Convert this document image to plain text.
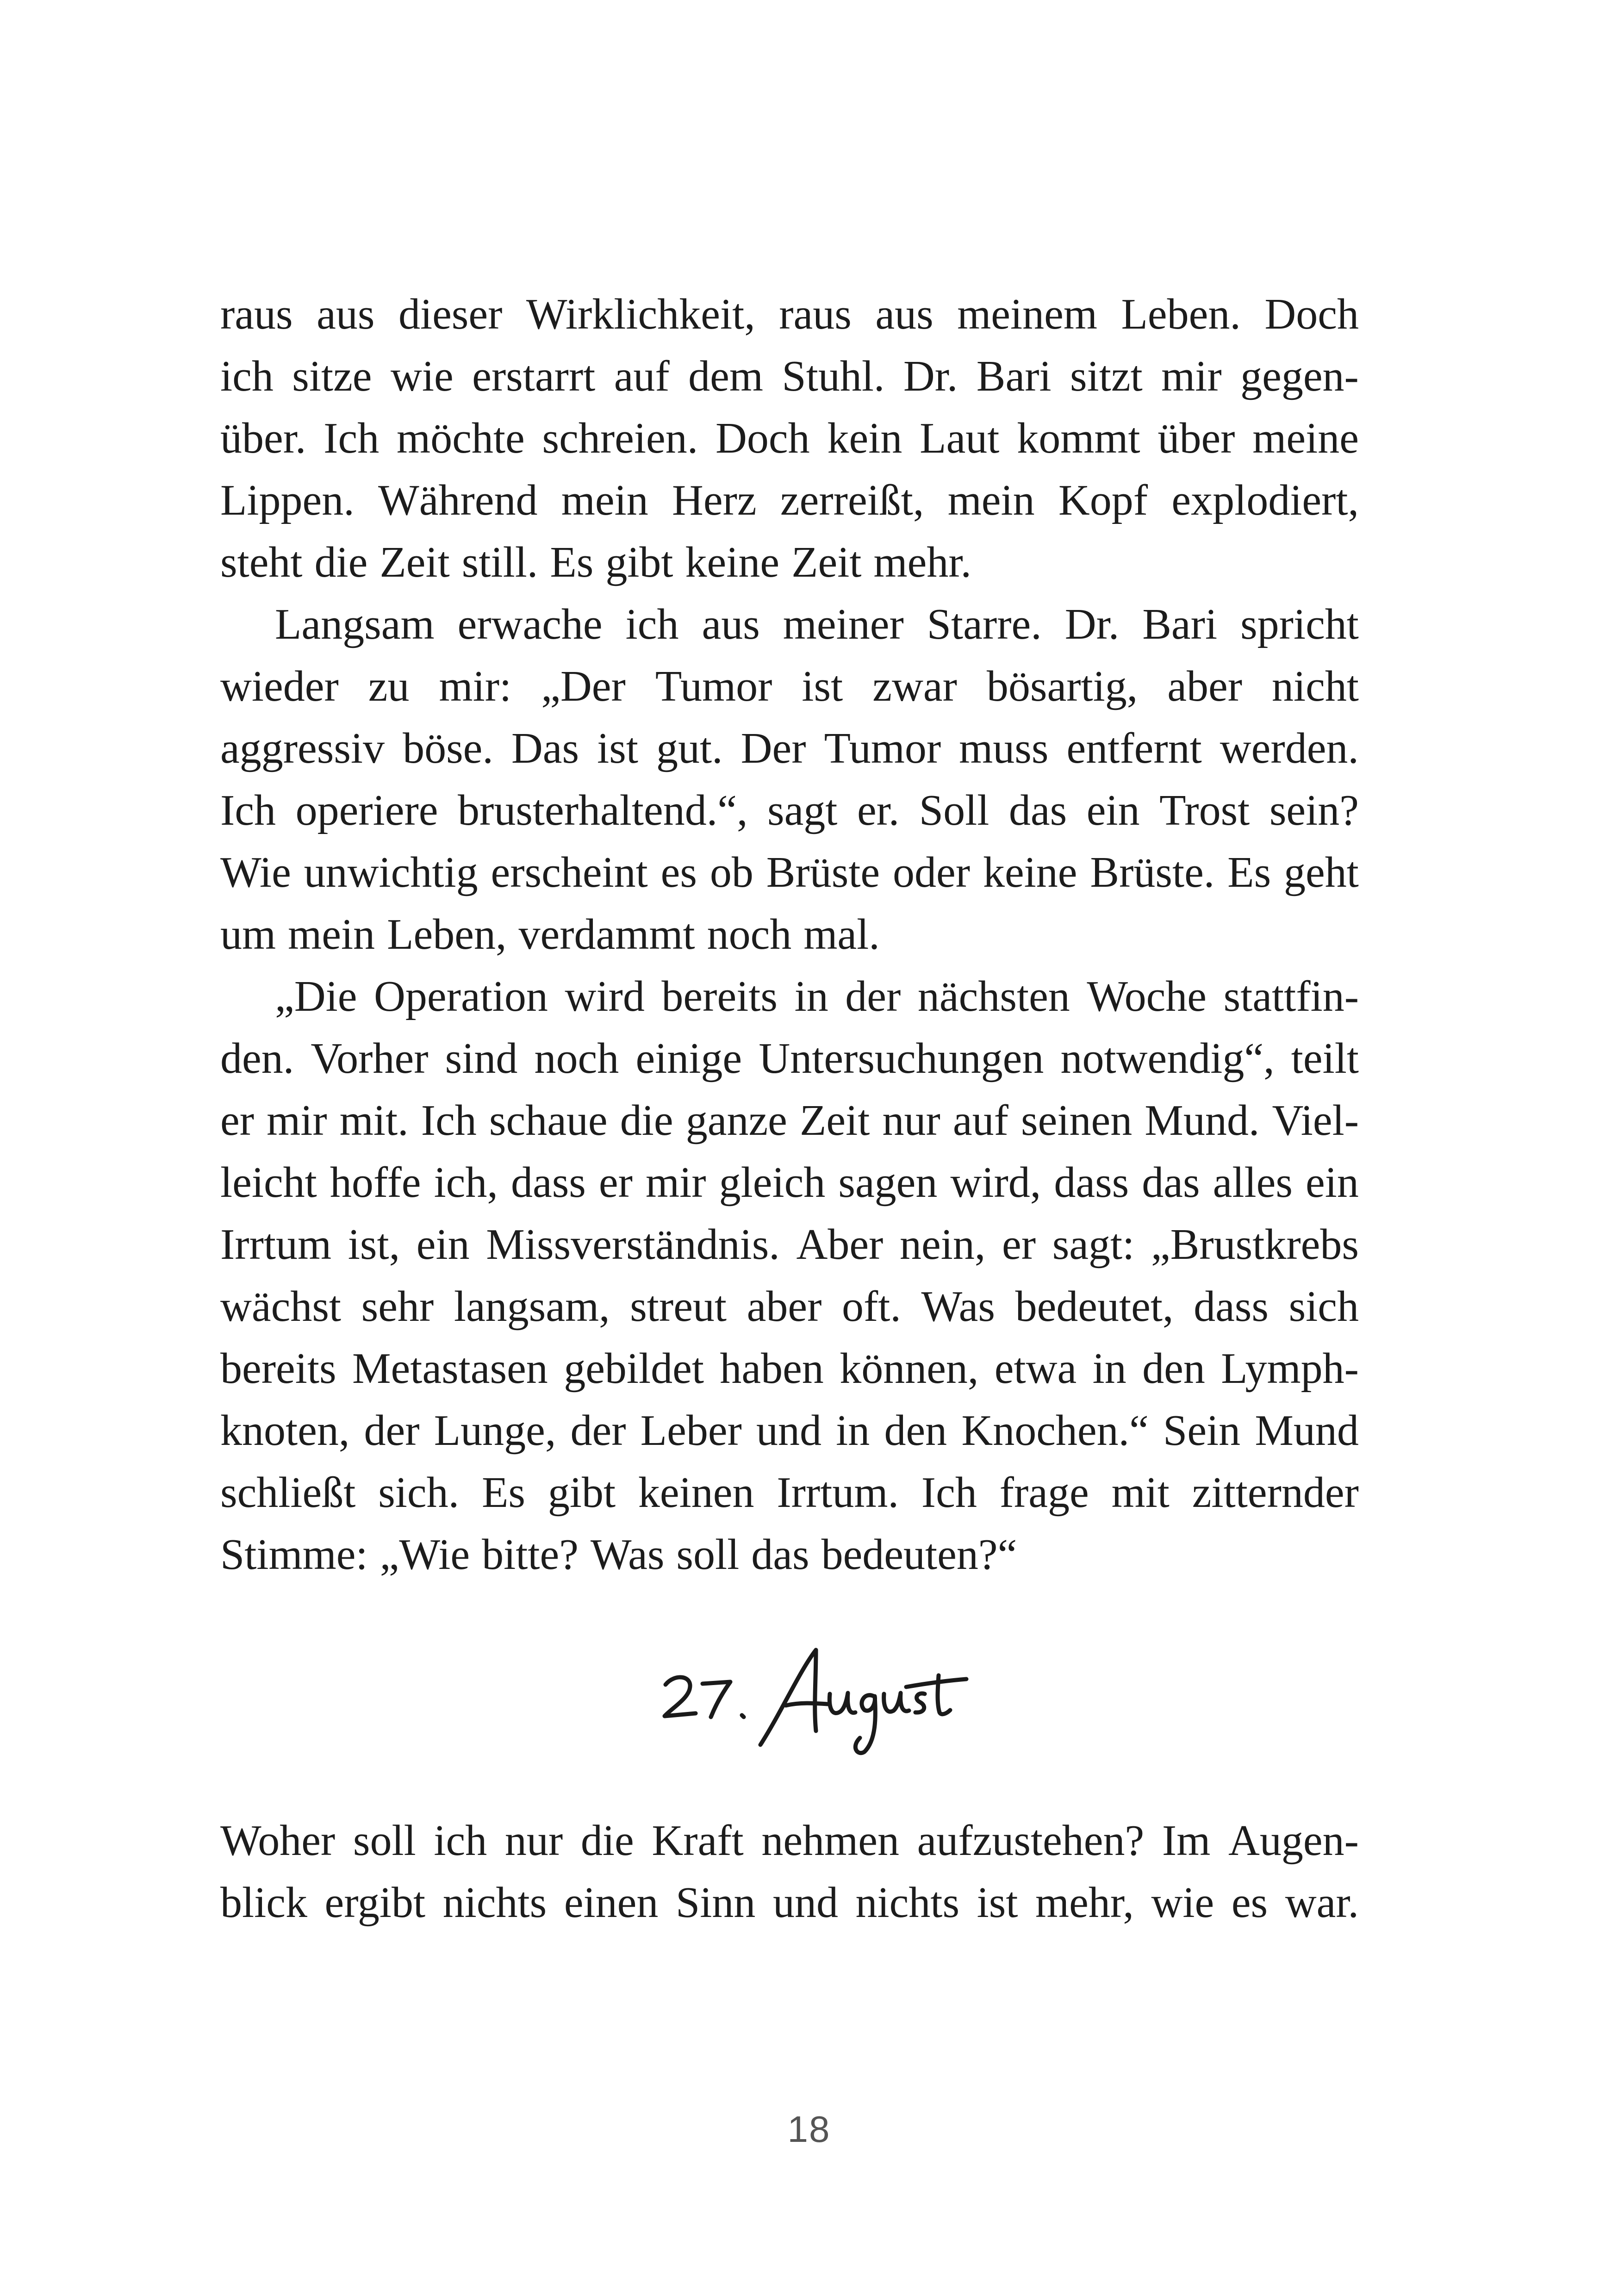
raus aus dieser Wirklichkeit, raus aus meinem Leben. Doch
ich sitze wie erstarrt auf dem Stuhl. Dr. Bari sitzt mir gegen-
über. Ich möchte schreien. Doch kein Laut kommt über meine
Lippen. Während mein Herz zerreißt, mein Kopf explodiert,
steht die Zeit still. Es gibt keine Zeit mehr.
Langsam erwache ich aus meiner Starre. Dr. Bari spricht
wieder zu mir: „Der Tumor ist zwar bösartig, aber nicht
aggressiv böse. Das ist gut. Der Tumor muss entfernt werden.
Ich operiere brusterhaltend.“, sagt er. Soll das ein Trost sein?
Wie unwichtig erscheint es ob Brüste oder keine Brüste. Es geht
um mein Leben, verdammt noch mal.
„Die Operation wird bereits in der nächsten Woche stattfin-
den. Vorher sind noch einige Untersuchungen notwendig“, teilt
er mir mit. Ich schaue die ganze Zeit nur auf seinen Mund. Viel-
leicht hoffe ich, dass er mir gleich sagen wird, dass das alles ein
Irrtum ist, ein Missverständnis. Aber nein, er sagt: „Brustkrebs
wächst sehr langsam, streut aber oft. Was bedeutet, dass sich
bereits Metastasen gebildet haben können, etwa in den Lymph-
knoten, der Lunge, der Leber und in den Knochen.“ Sein Mund
schließt sich. Es gibt keinen Irrtum. Ich frage mit zitternder
Stimme: „Wie bitte? Was soll das bedeuten?“
Woher soll ich nur die Kraft nehmen aufzustehen? Im Augen-
blick ergibt nichts einen Sinn und nichts ist mehr, wie es war.
18
